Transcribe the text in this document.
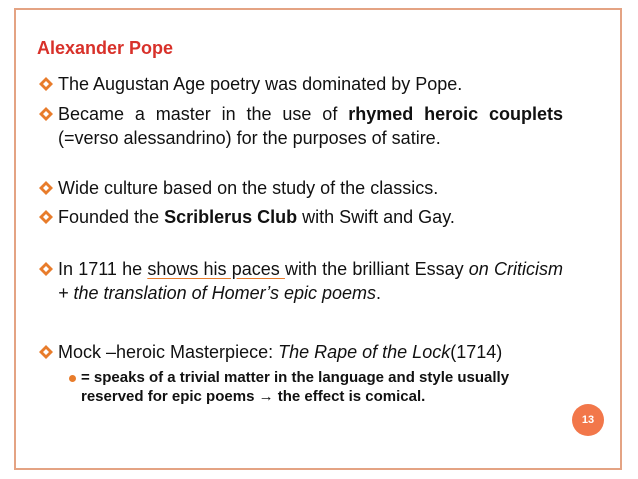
Alexander Pope
The Augustan Age poetry was dominated by Pope.
Became a master in the use of rhymed heroic couplets (=verso alessandrino) for the purposes of satire.
Wide culture based on the study of the classics.
Founded the Scriblerus Club with Swift and Gay.
In 1711 he shows his paces with the brilliant Essay on Criticism + the translation of Homer’s epic poems.
Mock –heroic Masterpiece: The Rape of the Lock(1714)
= speaks of a trivial matter in the language and style usually reserved for epic poems → the effect is comical.
13
